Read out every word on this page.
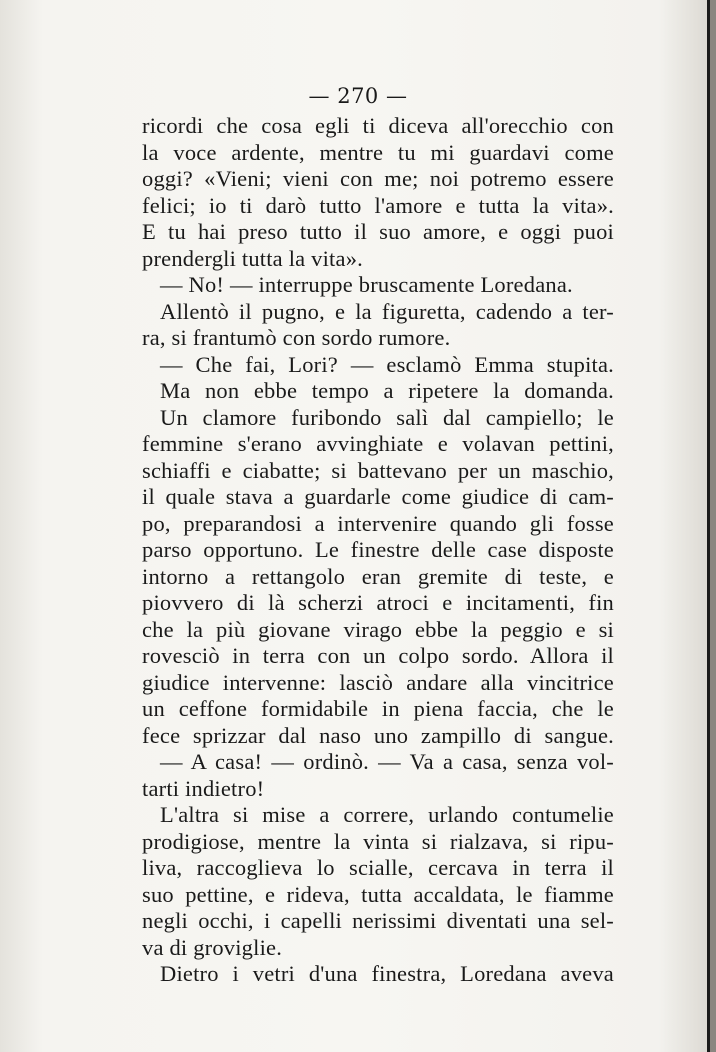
— 270 —
ricordi che cosa egli ti diceva all'orecchio con
la voce ardente, mentre tu mi guardavi come
oggi? «Vieni; vieni con me; noi potremo essere
felici; io ti darò tutto l'amore e tutta la vita».
E tu hai preso tutto il suo amore, e oggi puoi
prendergli tutta la vita».
— No! — interruppe bruscamente Loredana.
Allentò il pugno, e la figuretta, cadendo a ter-
ra, si frantumò con sordo rumore.
— Che fai, Lori? — esclamò Emma stupita.
Ma non ebbe tempo a ripetere la domanda.
Un clamore furibondo salì dal campiello; le
femmine s'erano avvinghiate e volavan pettini,
schiaffi e ciabatte; si battevano per un maschio,
il quale stava a guardarle come giudice di cam-
po, preparandosi a intervenire quando gli fosse
parso opportuno. Le finestre delle case disposte
intorno a rettangolo eran gremite di teste, e
piovvero di là scherzi atroci e incitamenti, fin
che la più giovane virago ebbe la peggio e si
rovesciò in terra con un colpo sordo. Allora il
giudice intervenne: lasciò andare alla vincitrice
un ceffone formidabile in piena faccia, che le
fece sprizzar dal naso uno zampillo di sangue.
— A casa! — ordinò. — Va a casa, senza vol-
tarti indietro!
L'altra si mise a correre, urlando contumelie
prodigiose, mentre la vinta si rialzava, si ripu-
liva, raccoglieva lo scialle, cercava in terra il
suo pettine, e rideva, tutta accaldata, le fiamme
negli occhi, i capelli nerissimi diventati una sel-
va di groviglie.
Dietro i vetri d'una finestra, Loredana aveva
